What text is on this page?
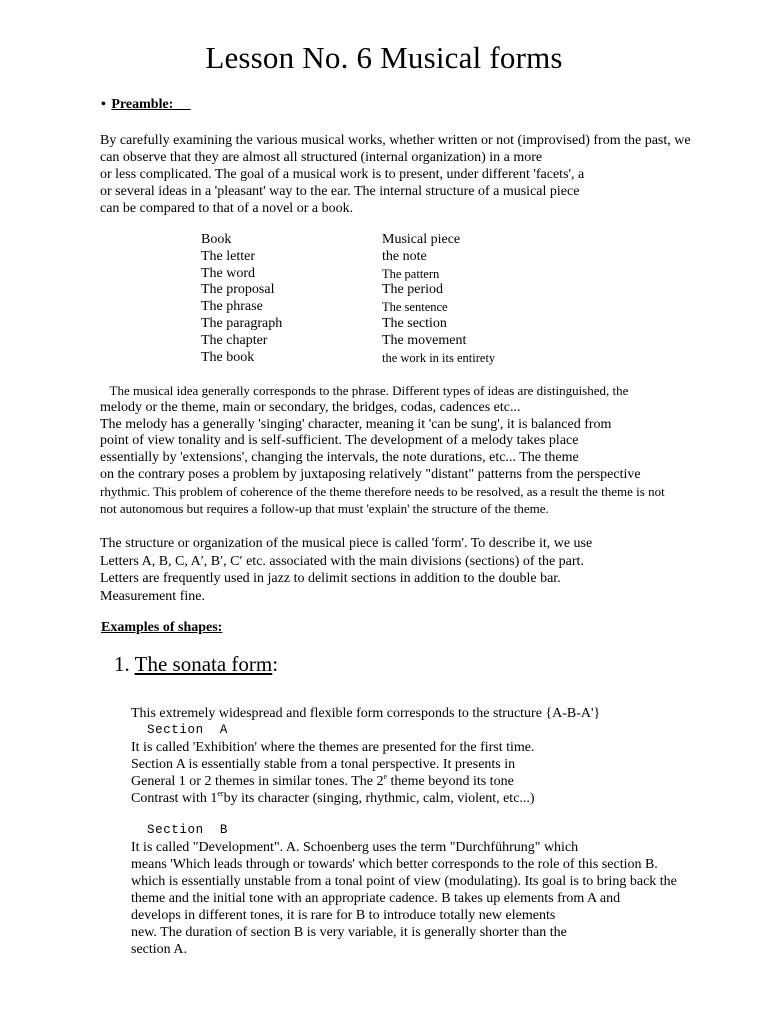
Lesson No. 6 Musical forms
• Preamble:
By carefully examining the various musical works, whether written or not (improvised) from the past, we
can observe that they are almost all structured (internal organization) in a more
or less complicated. The goal of a musical work is to present, under different 'facets', a
or several ideas in a 'pleasant' way to the ear. The internal structure of a musical piece
can be compared to that of a novel or a book.
Book	Musical piece
The letter	the note
The word	The pattern
The proposal	The period
The phrase	The sentence
The paragraph	The section
The chapter	The movement
The book	the work in its entirety
The musical idea generally corresponds to the phrase. Different types of ideas are distinguished, the
melody or the theme, main or secondary, the bridges, codas, cadences etc...
The melody has a generally 'singing' character, meaning it 'can be sung', it is balanced from
point of view tonality and is self-sufficient. The development of a melody takes place
essentially by 'extensions', changing the intervals, the note durations, etc... The theme
on the contrary poses a problem by juxtaposing relatively "distant" patterns from the perspective
rhythmic. This problem of coherence of the theme therefore needs to be resolved, as a result the theme is not
not autonomous but requires a follow-up that must 'explain' the structure of the theme.
The structure or organization of the musical piece is called 'form'. To describe it, we use
Letters A, B, C, A′, B′, C′ etc. associated with the main divisions (sections) of the part.
Letters are frequently used in jazz to delimit sections in addition to the double bar.
Measurement fine.
Examples of shapes:
1. The sonata form:
This extremely widespread and flexible form corresponds to the structure {A-B-A'}
Section  A
It is called 'Exhibition' where the themes are presented for the first time.
Section A is essentially stable from a tonal perspective. It presents in
General 1 or 2 themes in similar tones. The 2e theme beyond its tone
Contrast with 1erby its character (singing, rhythmic, calm, violent, etc...)
Section  B
It is called "Development". A. Schoenberg uses the term "Durchführung" which
means 'Which leads through or towards' which better corresponds to the role of this section B.
which is essentially unstable from a tonal point of view (modulating). Its goal is to bring back the
theme and the initial tone with an appropriate cadence. B takes up elements from A and
develops in different tones, it is rare for B to introduce totally new elements
new. The duration of section B is very variable, it is generally shorter than the
section A.
